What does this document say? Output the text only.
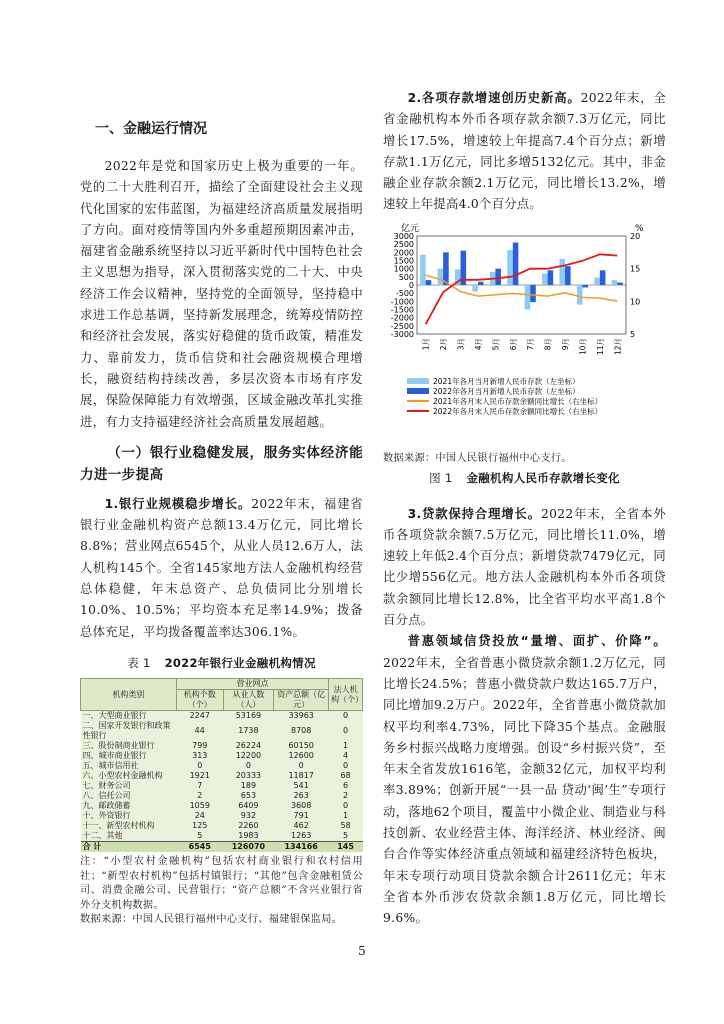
一、金融运行情况

2022年是党和国家历史上极为重要的一年。党的二十大胜利召开，描绘了全面建设社会主义现代化国家的宏伟蓝图，为福建经济高质量发展指明了方向。面对疫情等国内外多重超预期因素冲击，福建省金融系统坚持以习近平新时代中国特色社会主义思想为指导，深入贯彻落实党的二十大、中央经济工作会议精神，坚持党的全面领导，坚持稳中求进工作总基调，坚持新发展理念，统筹疫情防控和经济社会发展，落实好稳健的货币政策，精准发力、靠前发力，货币信贷和社会融资规模合理增长，融资结构持续改善，多层次资本市场有序发展，保险保障能力有效增强，区域金融改革扎实推进，有力支持福建经济社会高质量发展超越。

（一）银行业稳健发展，服务实体经济能力进一步提高

1.银行业规模稳步增长。2022年末，福建省银行业金融机构资产总额13.4万亿元，同比增长8.8%；营业网点6545个，从业人员12.6万人，法人机构145个。全省145家地方法人金融机构经营总体稳健，年末总资产、总负债同比分别增长10.0%、10.5%；平均资本充足率14.9%；拨备总体充足，平均拨备覆盖率达306.1%。

表 1 2022年银行业金融机构情况

机构类别	营业网点			法人机构（个）
	机构个数（个）	从业人数（人）	资产总额（亿元）	
一、大型商业银行	2247	53169	33963	0
二、国家开发银行和政策性银行	44	1738	8708	0
三、股份制商业银行	799	26224	60150	1
四、城市商业银行	313	12200	12600	4
五、城市信用社	0	0	0	0
六、小型农村金融机构	1921	20333	11817	68
七、财务公司	7	189	541	6
八、信托公司	2	653	263	2
九、邮政储蓄	1059	6409	3608	0
十、外资银行	24	932	791	1
十一、新型农村机构	125	2260	462	58
十二、其他	5	1983	1263	5
合 计	6545	126070	134166	145

注：“小型农村金融机构”包括农村商业银行和农村信用社；“新型农村机构”包括村镇银行；“其他”包含金融租赁公司、消费金融公司、民营银行；“资产总额”不含兴业银行省外分支机构数据。

数据来源：中国人民银行福州中心支行、福建银保监局。

2.各项存款增速创历史新高。2022年末，全省金融机构本外币各项存款余额7.3万亿元，同比增长17.5%，增速较上年提高7.4个百分点；新增存款1.1万亿元，同比多增5132亿元。其中，非金融企业存款余额2.1万亿元，同比增长13.2%，增速较上年提高4.0个百分点。

亿元	%
3000
2500
2000
1500
1000
500
0
-500
-1000
-1500
-2000
-2500
-3000
20
15
10
5
1月 2月 3月 4月 5月 6月 7月 8月 9月 10月 11月 12月
2021年各月当月新增人民币存款（左坐标）
2022年各月当月新增人民币存款（左坐标）
2021年各月末人民币存款余额同比增长（右坐标）
2022年各月末人民币存款余额同比增长（右坐标）

数据来源：中国人民银行福州中心支行。

图 1 金融机构人民币存款增长变化

3.贷款保持合理增长。2022年末，全省本外币各项贷款余额7.5万亿元，同比增长11.0%，增速较上年低2.4个百分点；新增贷款7479亿元，同比少增556亿元。地方法人金融机构本外币各项贷款余额同比增长12.8%，比全省平均水平高1.8个百分点。

普惠领域信贷投放“量增、面扩、价降”。2022年末，全省普惠小微贷款余额1.2万亿元，同比增长24.5%；普惠小微贷款户数达165.7万户，同比增加9.2万户。2022年，全省普惠小微贷款加权平均利率4.73%，同比下降35个基点。金融服务乡村振兴战略力度增强。创设“乡村振兴贷”，至年末全省发放1616笔，金额32亿元，加权平均利率3.89%；创新开展“一县一品 贷动‘闽’生”专项行动，落地62个项目，覆盖中小微企业、制造业与科技创新、农业经营主体、海洋经济、林业经济、闽台合作等实体经济重点领域和福建经济特色板块，年末专项行动项目贷款余额合计2611亿元；年末全省本外币涉农贷款余额1.8万亿元，同比增长9.6%。

5
